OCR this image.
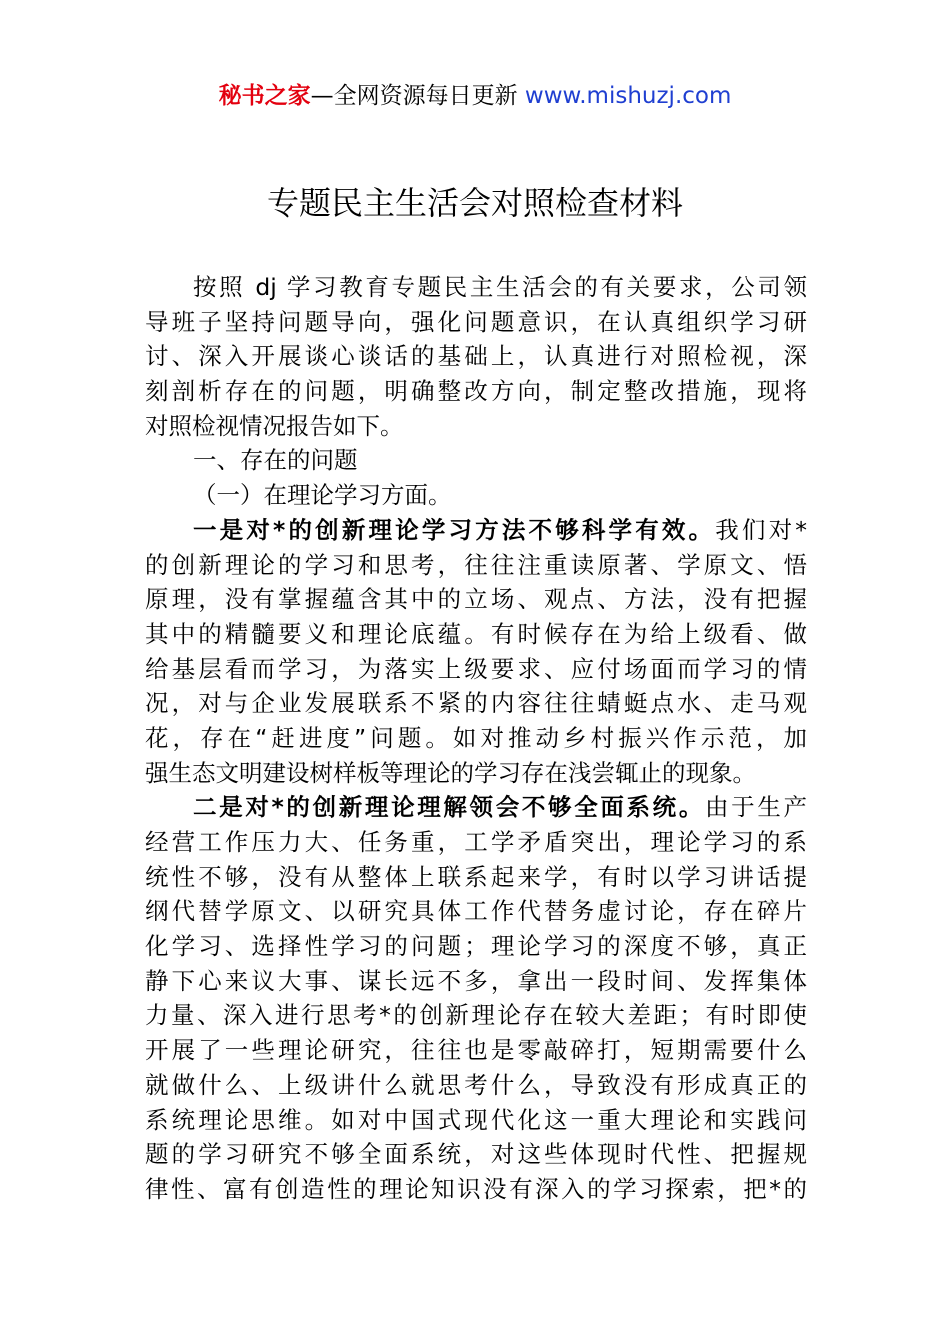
秘书之家—全网资源每日更新 www.mishuzj.com
专题民主生活会对照检查材料
按照 dj 学习教育专题民主生活会的有关要求，公司领
导班子坚持问题导向，强化问题意识，在认真组织学习研
讨、深入开展谈心谈话的基础上，认真进行对照检视，深
刻剖析存在的问题，明确整改方向，制定整改措施，现将
对照检视情况报告如下。
一、存在的问题
（一）在理论学习方面。
一是对*的创新理论学习方法不够科学有效。我们对*
的创新理论的学习和思考，往往注重读原著、学原文、悟
原理，没有掌握蕴含其中的立场、观点、方法，没有把握
其中的精髓要义和理论底蕴。有时候存在为给上级看、做
给基层看而学习，为落实上级要求、应付场面而学习的情
况，对与企业发展联系不紧的内容往往蜻蜓点水、走马观
花，存在“赶进度”问题。如对推动乡村振兴作示范，加
强生态文明建设树样板等理论的学习存在浅尝辄止的现象。
二是对*的创新理论理解领会不够全面系统。由于生产
经营工作压力大、任务重，工学矛盾突出，理论学习的系
统性不够，没有从整体上联系起来学，有时以学习讲话提
纲代替学原文、以研究具体工作代替务虚讨论，存在碎片
化学习、选择性学习的问题；理论学习的深度不够，真正
静下心来议大事、谋长远不多，拿出一段时间、发挥集体
力量、深入进行思考*的创新理论存在较大差距；有时即使
开展了一些理论研究，往往也是零敲碎打，短期需要什么
就做什么、上级讲什么就思考什么，导致没有形成真正的
系统理论思维。如对中国式现代化这一重大理论和实践问
题的学习研究不够全面系统，对这些体现时代性、把握规
律性、富有创造性的理论知识没有深入的学习探索，把*的
